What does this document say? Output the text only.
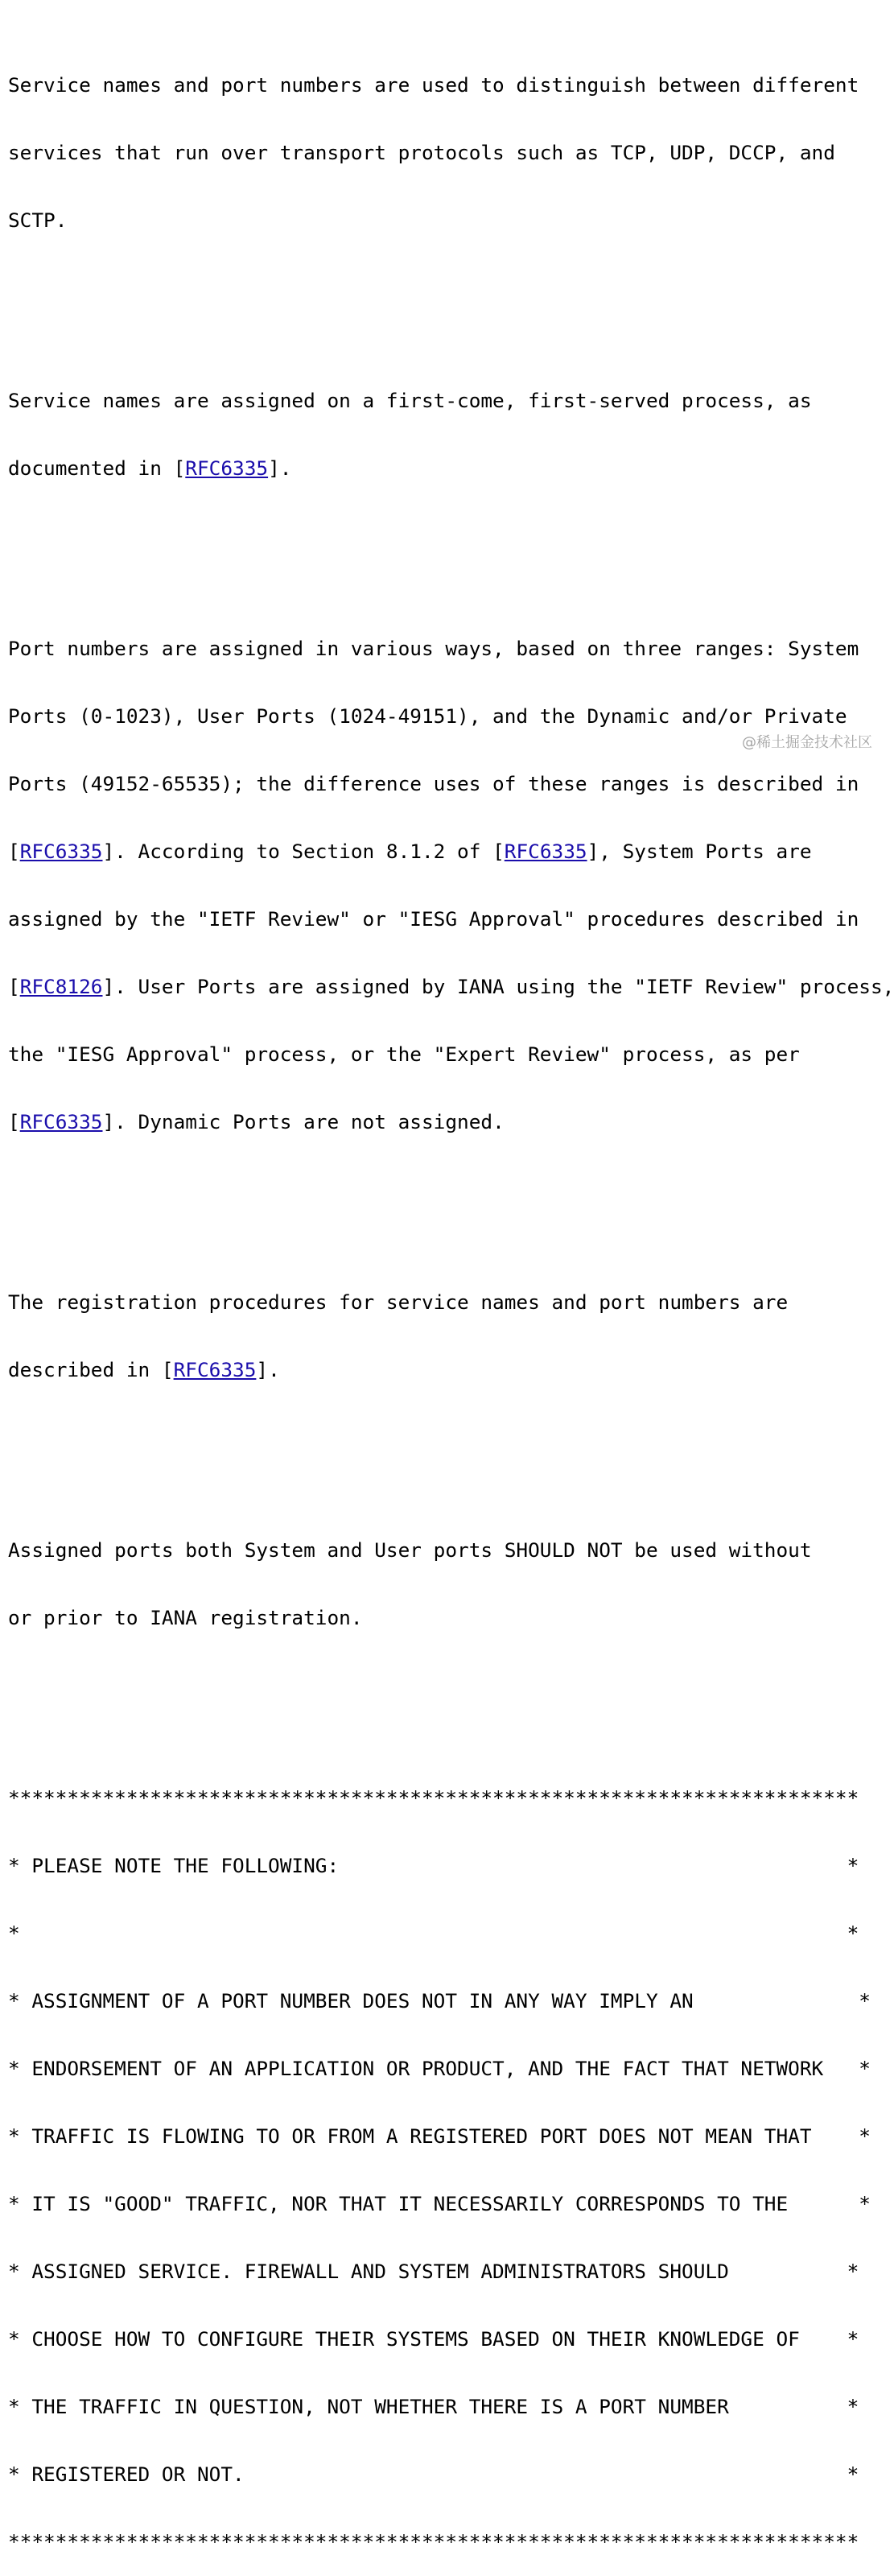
Service names and port numbers are used to distinguish between different

services that run over transport protocols such as TCP, UDP, DCCP, and

SCTP.

Service names are assigned on a first-come, first-served process, as

documented in [RFC6335].

Port numbers are assigned in various ways, based on three ranges: System

Ports (0-1023), User Ports (1024-49151), and the Dynamic and/or Private

Ports (49152-65535); the difference uses of these ranges is described in

[RFC6335]. According to Section 8.1.2 of [RFC6335], System Ports are

assigned by the "IETF Review" or "IESG Approval" procedures described in

[RFC8126]. User Ports are assigned by IANA using the "IETF Review" process,

the "IESG Approval" process, or the "Expert Review" process, as per

[RFC6335]. Dynamic Ports are not assigned.

The registration procedures for service names and port numbers are

described in [RFC6335].

Assigned ports both System and User ports SHOULD NOT be used without

or prior to IANA registration.

************************************************************************

* PLEASE NOTE THE FOLLOWING:                                           *

*                                                                      *

* ASSIGNMENT OF A PORT NUMBER DOES NOT IN ANY WAY IMPLY AN              *

* ENDORSEMENT OF AN APPLICATION OR PRODUCT, AND THE FACT THAT NETWORK   *

* TRAFFIC IS FLOWING TO OR FROM A REGISTERED PORT DOES NOT MEAN THAT    *

* IT IS "GOOD" TRAFFIC, NOR THAT IT NECESSARILY CORRESPONDS TO THE      *

* ASSIGNED SERVICE. FIREWALL AND SYSTEM ADMINISTRATORS SHOULD          *

* CHOOSE HOW TO CONFIGURE THEIR SYSTEMS BASED ON THEIR KNOWLEDGE OF    *

* THE TRAFFIC IN QUESTION, NOT WHETHER THERE IS A PORT NUMBER          *

* REGISTERED OR NOT.                                                   *

************************************************************************

@稀土掘金技术社区
